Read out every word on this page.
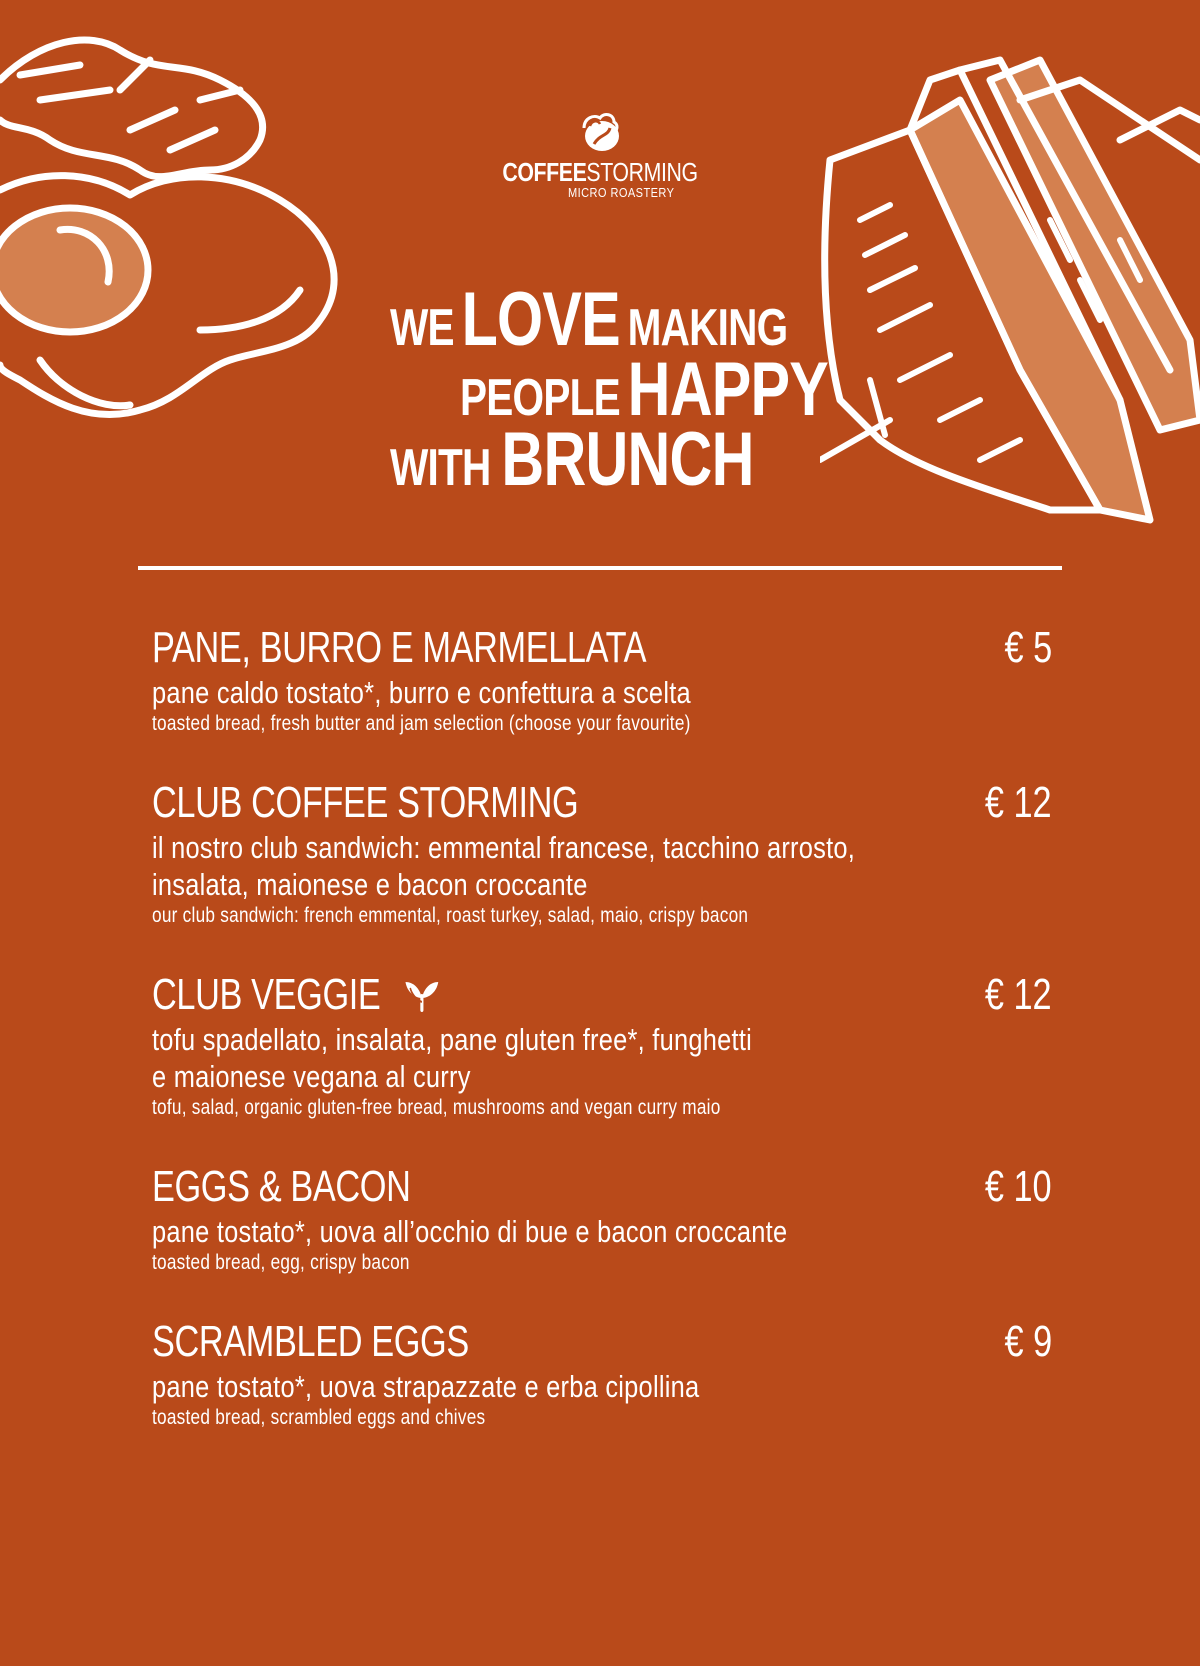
COFFEESTORMING
MICRO ROASTERY
WE LOVE MAKING
PEOPLE HAPPY
WITH BRUNCH
PANE, BURRO E MARMELLATA	€ 5
pane caldo tostato*, burro e confettura a scelta
toasted bread, fresh butter and jam selection (choose your favourite)
CLUB COFFEE STORMING	€ 12
il nostro club sandwich: emmental francese, tacchino arrosto,
insalata, maionese e bacon croccante
our club sandwich: french emmental, roast turkey, salad, maio, crispy bacon
CLUB VEGGIE	€ 12
tofu spadellato, insalata, pane gluten free*, funghetti
e maionese vegana al curry
tofu, salad, organic gluten-free bread, mushrooms and vegan curry maio
EGGS & BACON	€ 10
pane tostato*, uova all’occhio di bue e bacon croccante
toasted bread, egg, crispy bacon
SCRAMBLED EGGS	€ 9
pane tostato*, uova strapazzate e erba cipollina
toasted bread, scrambled eggs and chives
